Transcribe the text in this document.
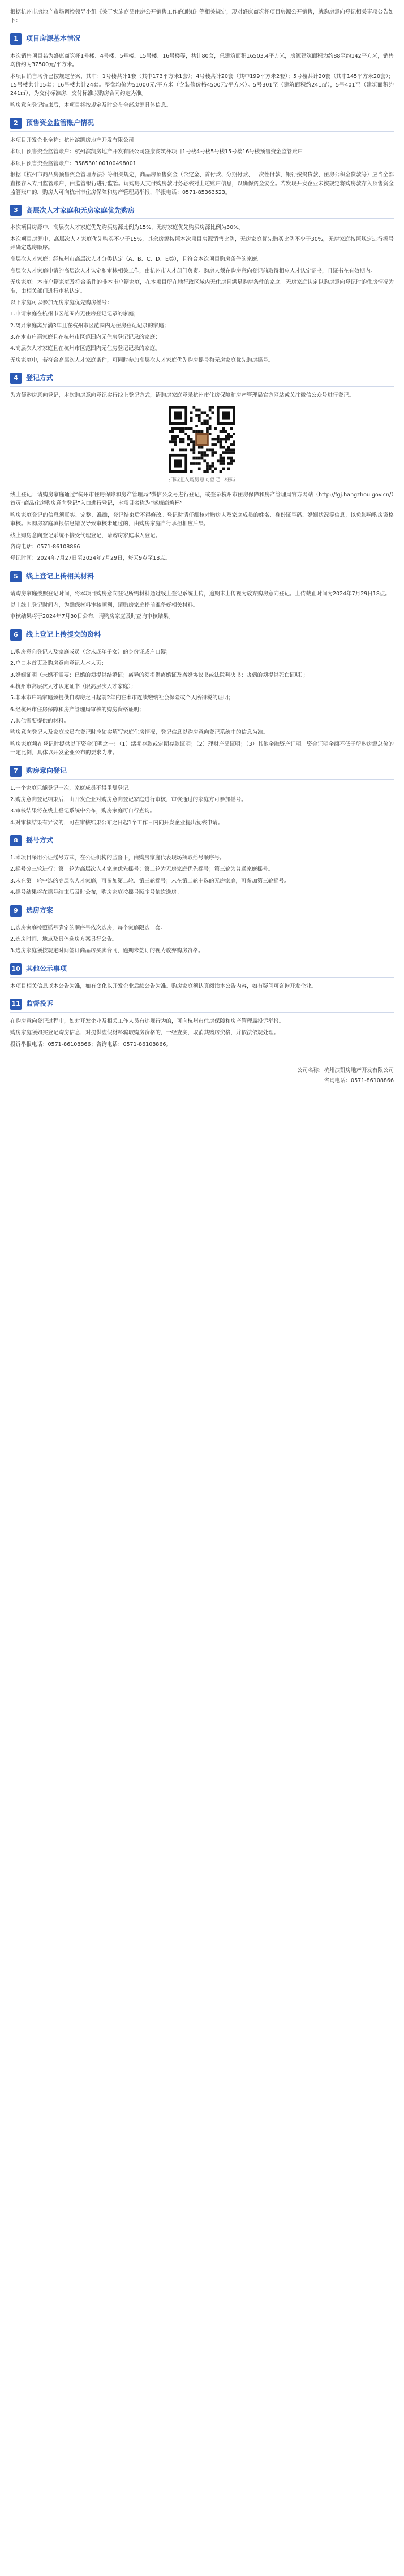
根据杭州市房地产市场调控领导小组《关于实施商品住房公开销售工作的通知》等相关规定，现对盛康商筑杯项目房源公开销售，就购房意向登记相关事项公告如下：

1	项目房源基本情况

本次销售项目名为盛康商筑杯1号楼、4号楼、5号楼、15号楼、16号楼等，共计80套，总建筑面积16503.4平方米，房源建筑面积为约88至约142平方米，销售均价约为37500元/平方米。

本项目销售均价已按规定备案，其中：1号楼共计1套（其中173平方米1套）；4号楼共计20套（其中199平方米2套）；5号楼共计20套（其中145平方米20套）；15号楼共计15套；16号楼共计24套。整盘均价为51000元/平方米（含装修价格4500元/平方米）。5号301至（建筑面积约241㎡），5号401至（建筑面积约241㎡），为交付标准房，交付标准以购房合同约定为准。

购房意向登记结束后，本项目将按规定及时公布全部房源具体信息。

2	预售资金监管账户情况

本项目开发企业全称：杭州滨凯房地产开发有限公司

本项目预售资金监管账户：杭州滨凯房地产开发有限公司盛康商筑杯项目1号楼4号楼5号楼15号楼16号楼预售资金监管账户

本项目预售资金监管账户：358530100100498001

根据《杭州市商品房预售资金管理办法》等相关规定，商品房预售资金（含定金、首付款、分期付款、一次性付款、银行按揭贷款、住房公积金贷款等）应当全部直接存入专用监管账户，由监管银行进行监管。请购房人支付购房款时务必核对上述账户信息，以确保资金安全。若发现开发企业未按规定将购房款存入预售资金监管账户的，购房人可向杭州市住房保障和房产管理局举报，举报电话：0571-85363523。

3	高层次人才家庭和无房家庭优先购房

本次项目房源中，高层次人才家庭优先购买房源比例为15%，无房家庭优先购买房源比例为30%。

本次项目房源中，高层次人才家庭优先购买不少于15%，其余房源按照本次项目房源销售比例，无房家庭优先购买比例不少于30%，无房家庭按照规定进行摇号并确定选房顺序。

高层次人才家庭：经杭州市高层次人才分类认定（A、B、C、D、E类），且符合本次项目购房条件的家庭。

高层次人才家庭申请的高层次人才认定和审核相关工作，由杭州市人才部门负责。购房人须在购房意向登记前取得相应人才认定证书，且证书在有效期内。

无房家庭：本市户籍家庭及符合条件的非本市户籍家庭，在本项目所在地行政区域内无住房且满足购房条件的家庭。无房家庭认定以购房意向登记时的住房情况为准，由相关部门进行审核认定。

以下家庭可以参加无房家庭优先购房摇号：

1.申请家庭在杭州市区范围内无住房登记记录的家庭；

2.离异家庭离异满3年且在杭州市区范围内无住房登记记录的家庭；

3.在本市户籍家庭且在杭州市区范围内无住房登记记录的家庭；

4.高层次人才家庭且在杭州市区范围内无住房登记记录的家庭。

无房家庭中，若符合高层次人才家庭条件，可同时参加高层次人才家庭优先购房摇号和无房家庭优先购房摇号。

4	登记方式

为方便购房意向登记，本次购房意向登记实行线上登记方式，请购房家庭登录杭州市住房保障和房产管理局官方网站或关注微信公众号进行登记。

扫码进入购房意向登记二维码

线上登记：请购房家庭通过“杭州市住房保障和房产管理局”微信公众号进行登记，或登录杭州市住房保障和房产管理局官方网站（http://fgj.hangzhou.gov.cn/）首页“商品住房购房意向登记”入口进行登记，本项目名称为“盛康商筑杯”。

购房家庭登记的信息须真实、完整、准确，登记结束后不得修改。登记时请仔细核对购房人及家庭成员的姓名、身份证号码、婚姻状况等信息，以免影响购房资格审核。因购房家庭填报信息错误导致审核未通过的，由购房家庭自行承担相应后果。

线上购房意向登记系统不接受代理登记，请购房家庭本人登记。

咨询电话：0571-86108866

登记时间：2024年7月27日至2024年7月29日，每天9点至18点。

5	线上登记上传相关材料

请购房家庭按照登记时间，将本项目购房意向登记所需材料通过线上登记系统上传，逾期未上传视为放弃购房意向登记。上传截止时间为2024年7月29日18点。

以上线上登记时间内，为确保材料审核顺利，请购房家庭提前准备好相关材料。

审核结果将于2024年7月30日公布，请购房家庭及时查询审核结果。

6	线上登记上传提交的资料

1.购房意向登记人及家庭成员（含未成年子女）的身份证或户口簿；

2.户口本首页及购房意向登记人本人页；

3.婚姻证明（未婚不需要；已婚的须提供结婚证；离异的须提供离婚证及离婚协议书或法院判决书；丧偶的须提供死亡证明）；

4.杭州市高层次人才认定证书（限高层次人才家庭）；

5.非本市户籍家庭须提供自购房之日起前2年内在本市连续缴纳社会保险或个人所得税的证明；

6.经杭州市住房保障和房产管理局审核的购房资格证明；

7.其他需要提供的材料。

购房意向登记人及家庭成员在登记时应如实填写家庭住房情况，登记信息以购房意向登记系统中的信息为准。

购房家庭须在登记时提供以下资金证明之一：（1）活期存款或定期存款证明；（2）理财产品证明；（3）其他金融资产证明。资金证明金额不低于所购房源总价的一定比例，具体以开发企业公布的要求为准。

7	购房意向登记

1.一个家庭只能登记一次，家庭成员不得重复登记。

2.购房意向登记结束后，由开发企业对购房意向登记家庭进行审核，审核通过的家庭方可参加摇号。

3.审核结果将在线上登记系统中公布，购房家庭可自行查询。

4.对审核结果有异议的，可在审核结果公布之日起1个工作日内向开发企业提出复核申请。

8	摇号方式

1.本项目采用公证摇号方式，在公证机构的监督下，由购房家庭代表现场抽取摇号顺序号。

2.摇号分三轮进行：第一轮为高层次人才家庭优先摇号；第二轮为无房家庭优先摇号；第三轮为普通家庭摇号。

3.未在第一轮中选的高层次人才家庭，可参加第二轮、第三轮摇号；未在第二轮中选的无房家庭，可参加第三轮摇号。

4.摇号结果将在摇号结束后及时公布，购房家庭按摇号顺序号依次选房。

9	选房方案

1.选房家庭按照摇号确定的顺序号依次选房，每个家庭限选一套。

2.选房时间、地点及具体选房方案另行公告。

3.选房家庭须按规定时间签订商品房买卖合同，逾期未签订的视为放弃购房资格。

10 其他公示事项

本项目相关信息以本公告为准，如有变化以开发企业后续公告为准。购房家庭须认真阅读本公告内容，如有疑问可咨询开发企业。

11 监督投诉

在购房意向登记过程中，如对开发企业及相关工作人员有违规行为的，可向杭州市住房保障和房产管理局投诉举报。

购房家庭须如实登记购房信息，对提供虚假材料骗取购房资格的，一经查实，取消其购房资格，并依法依规处理。

投诉举报电话：0571-86108866；咨询电话：0571-86108866。

公司名称：杭州滨凯房地产开发有限公司
咨询电话：0571-86108866
